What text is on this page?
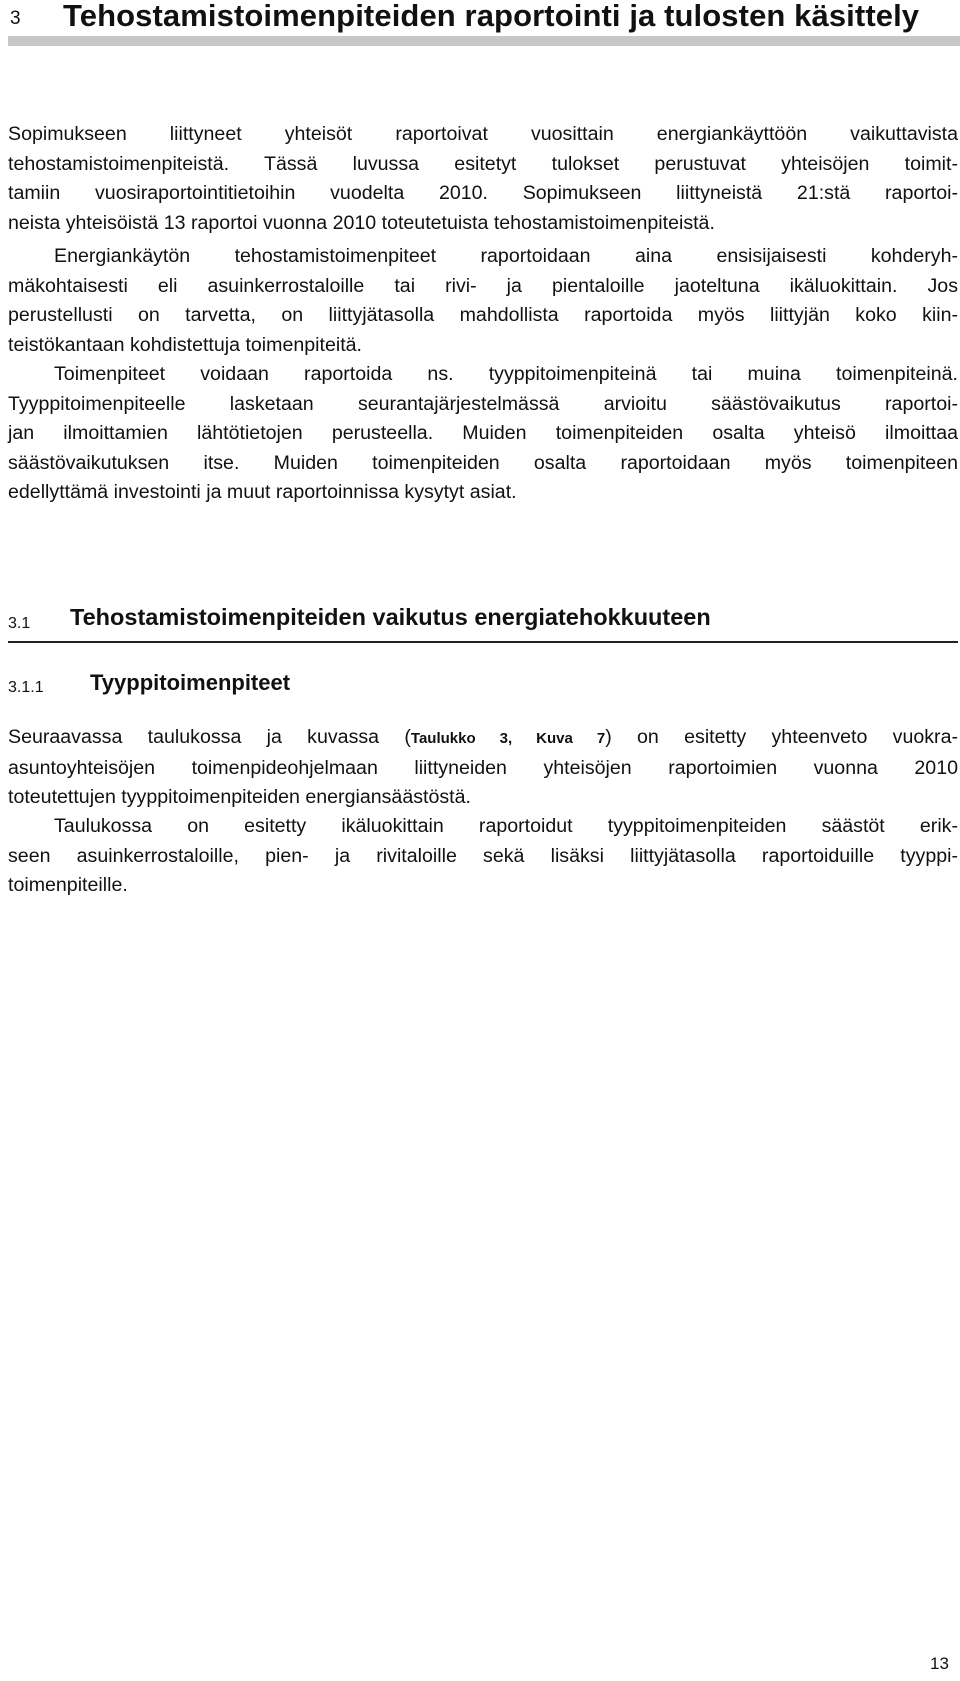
3 Tehostamistoimenpiteiden raportointi ja tulosten käsittely

Sopimukseen liittyneet yhteisöt raportoivat vuosittain energiankäyttöön vaikuttavista
tehostamistoimenpiteistä. Tässä luvussa esitetyt tulokset perustuvat yhteisöjen toimit-
tamiin vuosiraportointitietoihin vuodelta 2010. Sopimukseen liittyneistä 21:stä raportoi-
neista yhteisöistä 13 raportoi vuonna 2010 toteutetuista tehostamistoimenpiteistä.

Energiankäytön tehostamistoimenpiteet raportoidaan aina ensisijaisesti kohderyh-
mäkohtaisesti eli asuinkerrostaloille tai rivi- ja pientaloille jaoteltuna ikäluokittain. Jos
perustellusti on tarvetta, on liittyjätasolla mahdollista raportoida myös liittyjän koko kiin-
teistökantaan kohdistettuja toimenpiteitä.

Toimenpiteet voidaan raportoida ns. tyyppitoimenpiteinä tai muina toimenpiteinä.
Tyyppitoimenpiteelle lasketaan seurantajärjestelmässä arvioitu säästövaikutus raportoi-
jan ilmoittamien lähtötietojen perusteella. Muiden toimenpiteiden osalta yhteisö ilmoittaa
säästövaikutuksen itse. Muiden toimenpiteiden osalta raportoidaan myös toimenpiteen
edellyttämä investointi ja muut raportoinnissa kysytyt asiat.

3.1 Tehostamistoimenpiteiden vaikutus energiatehokkuuteen
3.1.1 Tyyppitoimenpiteet

Seuraavassa taulukossa ja kuvassa (Taulukko 3, Kuva 7) on esitetty yhteenveto vuokra-
asuntoyhteisöjen toimenpideohjelmaan liittyneiden yhteisöjen raportoimien vuonna 2010
toteutettujen tyyppitoimenpiteiden energiansäästöstä.

Taulukossa on esitetty ikäluokittain raportoidut tyyppitoimenpiteiden säästöt erik-
seen asuinkerrostaloille, pien- ja rivitaloille sekä lisäksi liittyjätasolla raportoiduille tyyppi-
toimenpiteille.

13
